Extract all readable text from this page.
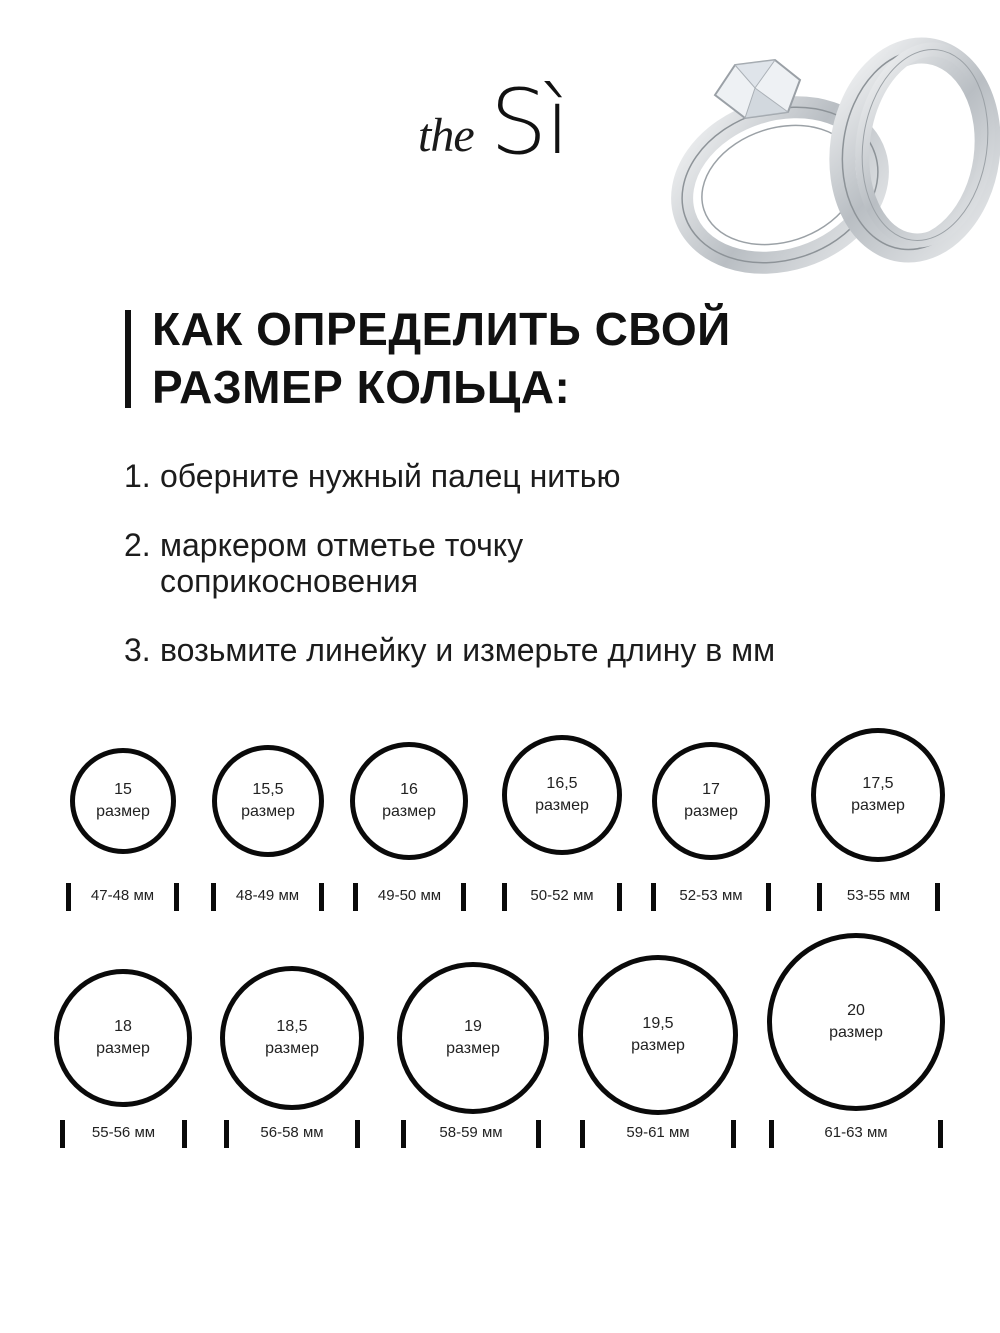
the Sì
КАК ОПРЕДЕЛИТЬ СВОЙ
РАЗМЕР КОЛЬЦА:
1. оберните нужный палец нитью
2. маркером отметье точку
соприкосновения
3. возьмите линейку и измерьте длину в мм
15
размер
47-48 мм
15,5
размер
48-49 мм
16
размер
49-50 мм
16,5
размер
50-52 мм
17
размер
52-53 мм
17,5
размер
53-55 мм
18
размер
55-56 мм
18,5
размер
56-58 мм
19
размер
58-59 мм
19,5
размер
59-61 мм
20
размер
61-63 мм
